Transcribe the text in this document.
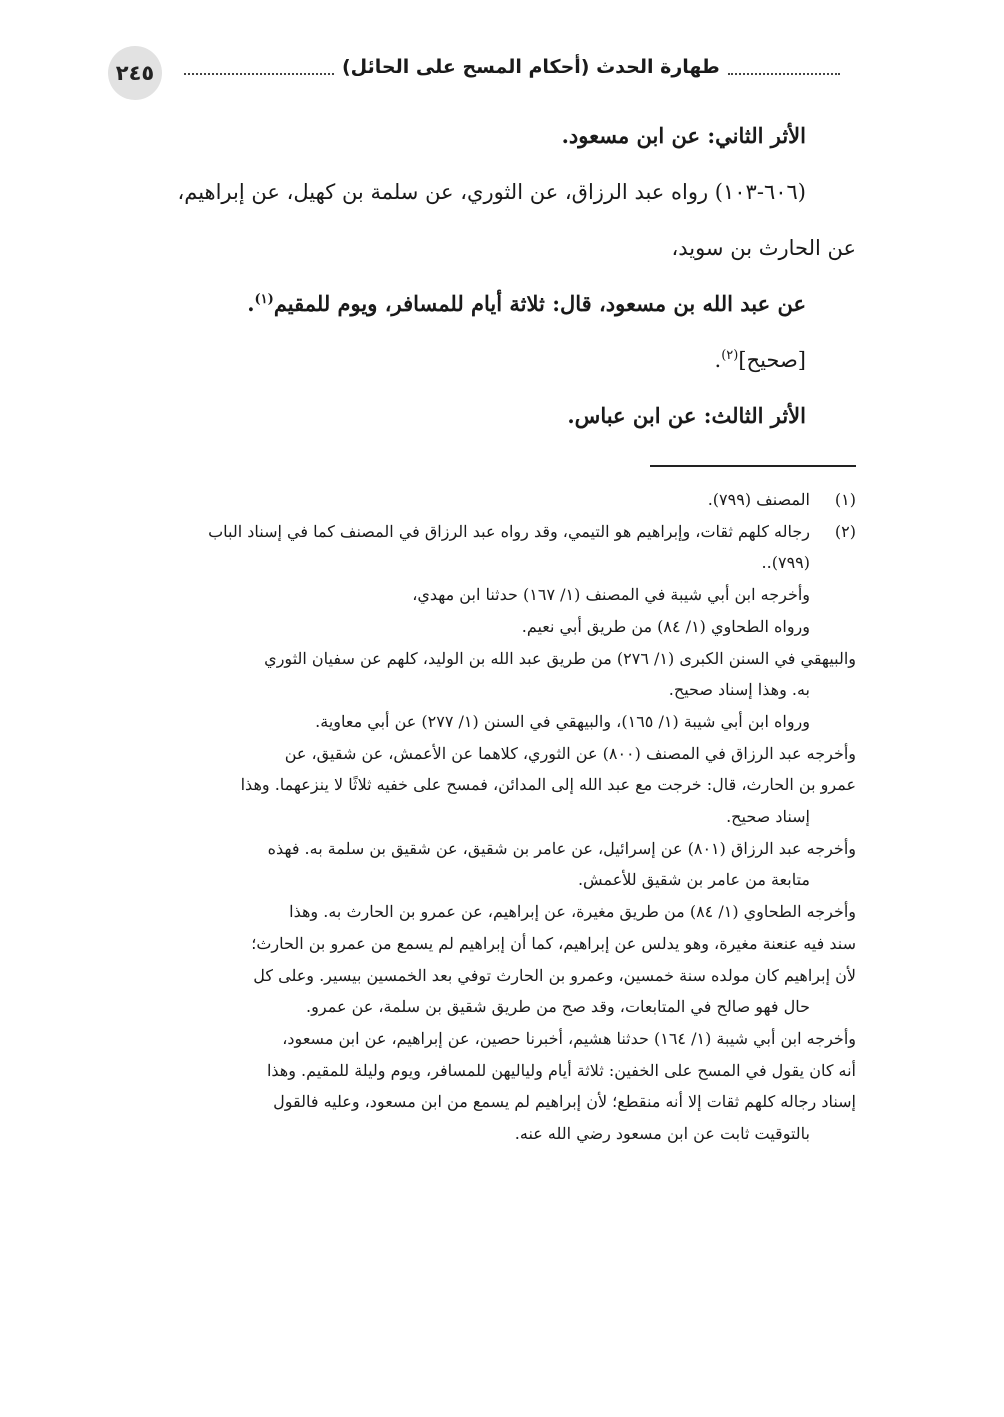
٢٤٥	طهارة الحدث (أحكام المسح على الحائل)

الأثر الثاني: عن ابن مسعود.

(٦٠٦-١٠٣) رواه عبد الرزاق، عن الثوري، عن سلمة بن كهيل، عن إبراهيم،

عن الحارث بن سويد،

عن عبد الله بن مسعود، قال: ثلاثة أيام للمسافر، ويوم للمقيم$^{(١)}$.

[صحيح]$^{(٢)}$.

الأثر الثالث: عن ابن عباس.

(١)

المصنف (٧٩٩).

(٢)

رجاله كلهم ثقات، وإبراهيم هو التيمي، وقد رواه عبد الرزاق في المصنف كما في إسناد الباب

(٧٩٩)..

وأخرجه ابن أبي شيبة في المصنف (١/ ١٦٧) حدثنا ابن مهدي،

ورواه الطحاوي (١/ ٨٤) من طريق أبي نعيم.

والبيهقي في السنن الكبرى (١/ ٢٧٦) من طريق عبد الله بن الوليد، كلهم عن سفيان الثوري

به. وهذا إسناد صحيح.

ورواه ابن أبي شيبة (١/ ١٦٥)، والبيهقي في السنن (١/ ٢٧٧) عن أبي معاوية.

وأخرجه عبد الرزاق في المصنف (٨٠٠) عن الثوري، كلاهما عن الأعمش، عن شقيق، عن

عمرو بن الحارث، قال: خرجت مع عبد الله إلى المدائن، فمسح على خفيه ثلاثًا لا ينزعهما. وهذا

إسناد صحيح.

وأخرجه عبد الرزاق (٨٠١) عن إسرائيل، عن عامر بن شقيق، عن شقيق بن سلمة به. فهذه

متابعة من عامر بن شقيق للأعمش.

وأخرجه الطحاوي (١/ ٨٤) من طريق مغيرة، عن إبراهيم، عن عمرو بن الحارث به. وهذا

سند فيه عنعنة مغيرة، وهو يدلس عن إبراهيم، كما أن إبراهيم لم يسمع من عمرو بن الحارث؛

لأن إبراهيم كان مولده سنة خمسين، وعمرو بن الحارث توفي بعد الخمسين بيسير. وعلى كل

حال فهو صالح في المتابعات، وقد صح من طريق شقيق بن سلمة، عن عمرو.

وأخرجه ابن أبي شيبة (١/ ١٦٤) حدثنا هشيم، أخبرنا حصين، عن إبراهيم، عن ابن مسعود،

أنه كان يقول في المسح على الخفين: ثلاثة أيام ولياليهن للمسافر، ويوم وليلة للمقيم. وهذا

إسناد رجاله كلهم ثقات إلا أنه منقطع؛ لأن إبراهيم لم يسمع من ابن مسعود، وعليه فالقول

بالتوقيت ثابت عن ابن مسعود رضي الله عنه.
